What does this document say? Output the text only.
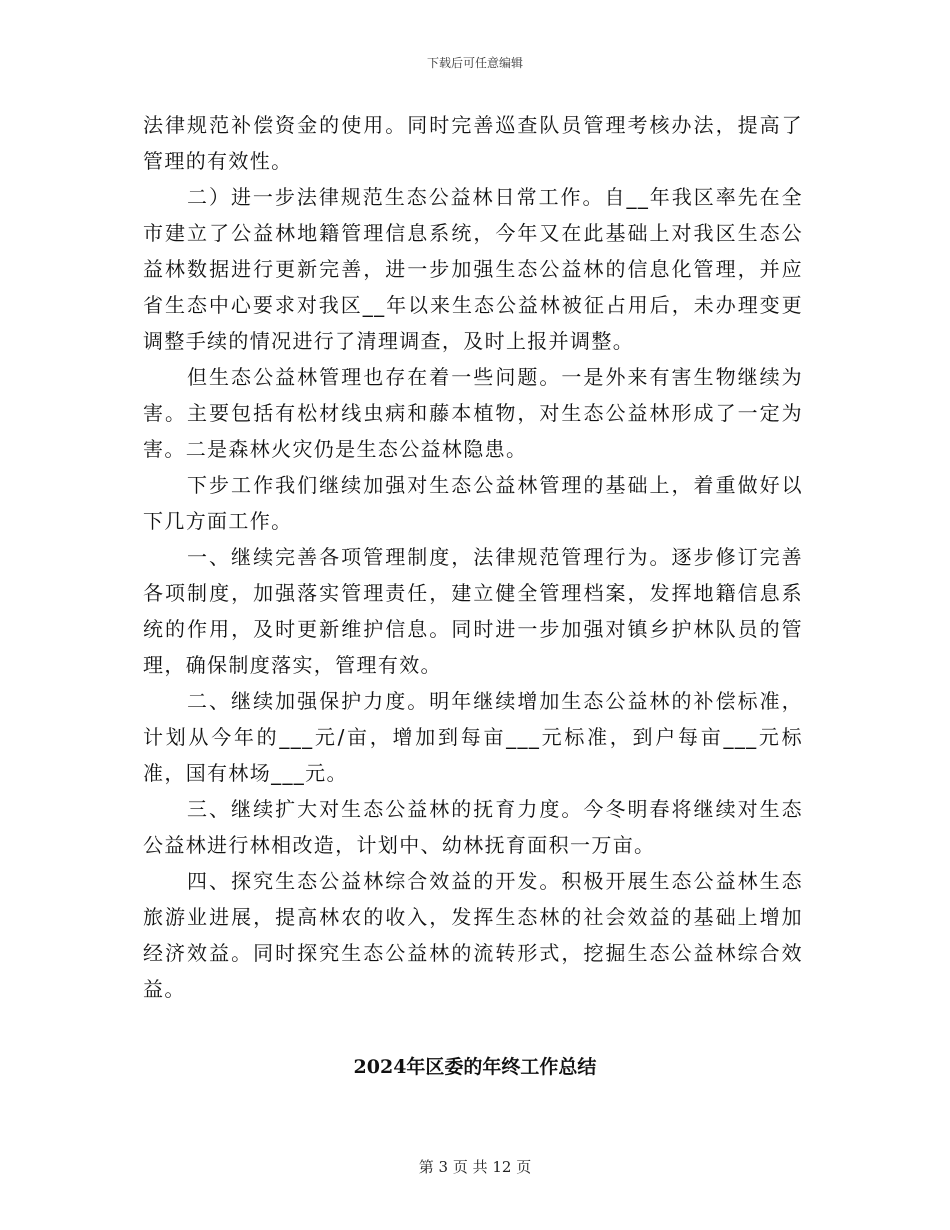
下载后可任意编辑

法律规范补偿资金的使用。同时完善巡查队员管理考核办法，提高了管理的有效性。

二）进一步法律规范生态公益林日常工作。自__年我区率先在全市建立了公益林地籍管理信息系统，今年又在此基础上对我区生态公益林数据进行更新完善，进一步加强生态公益林的信息化管理，并应省生态中心要求对我区__年以来生态公益林被征占用后，未办理变更调整手续的情况进行了清理调查，及时上报并调整。

但生态公益林管理也存在着一些问题。一是外来有害生物继续为害。主要包括有松材线虫病和藤本植物，对生态公益林形成了一定为害。二是森林火灾仍是生态公益林隐患。

下步工作我们继续加强对生态公益林管理的基础上，着重做好以下几方面工作。

一、继续完善各项管理制度，法律规范管理行为。逐步修订完善各项制度，加强落实管理责任，建立健全管理档案，发挥地籍信息系统的作用，及时更新维护信息。同时进一步加强对镇乡护林队员的管理，确保制度落实，管理有效。

二、继续加强保护力度。明年继续增加生态公益林的补偿标准，计划从今年的___元/亩，增加到每亩___元标准，到户每亩___元标准，国有林场___元。

三、继续扩大对生态公益林的抚育力度。今冬明春将继续对生态公益林进行林相改造，计划中、幼林抚育面积一万亩。

四、探究生态公益林综合效益的开发。积极开展生态公益林生态旅游业进展，提高林农的收入，发挥生态林的社会效益的基础上增加经济效益。同时探究生态公益林的流转形式，挖掘生态公益林综合效益。

2024年区委的年终工作总结
第 3 页 共 12 页
